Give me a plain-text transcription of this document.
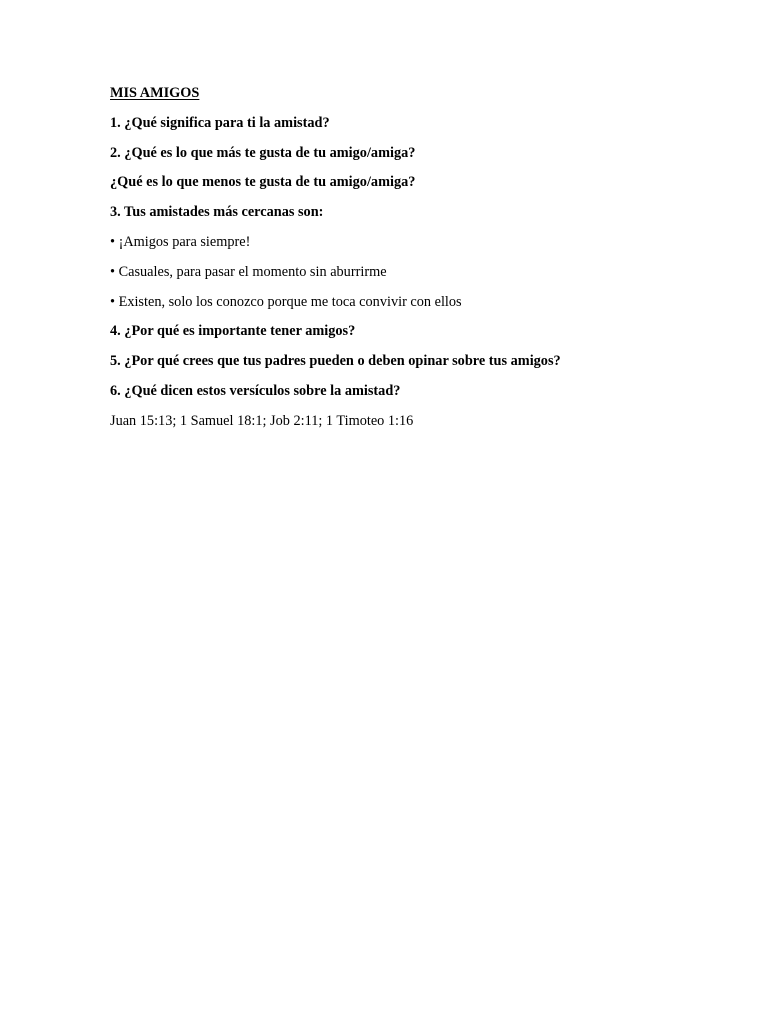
MIS AMIGOS
1. ¿Qué significa para ti la amistad?
2. ¿Qué es lo que más te gusta de tu amigo/amiga?
¿Qué es lo que menos te gusta de tu amigo/amiga?
3. Tus amistades más cercanas son:
• ¡Amigos para siempre!
• Casuales, para pasar el momento sin aburrirme
• Existen, solo los conozco porque me toca convivir con ellos
4. ¿Por qué es importante tener amigos?
5. ¿Por qué crees que tus padres pueden o deben opinar sobre tus amigos?
6. ¿Qué dicen estos versículos sobre la amistad?
Juan 15:13; 1 Samuel 18:1; Job 2:11; 1 Timoteo 1:16
